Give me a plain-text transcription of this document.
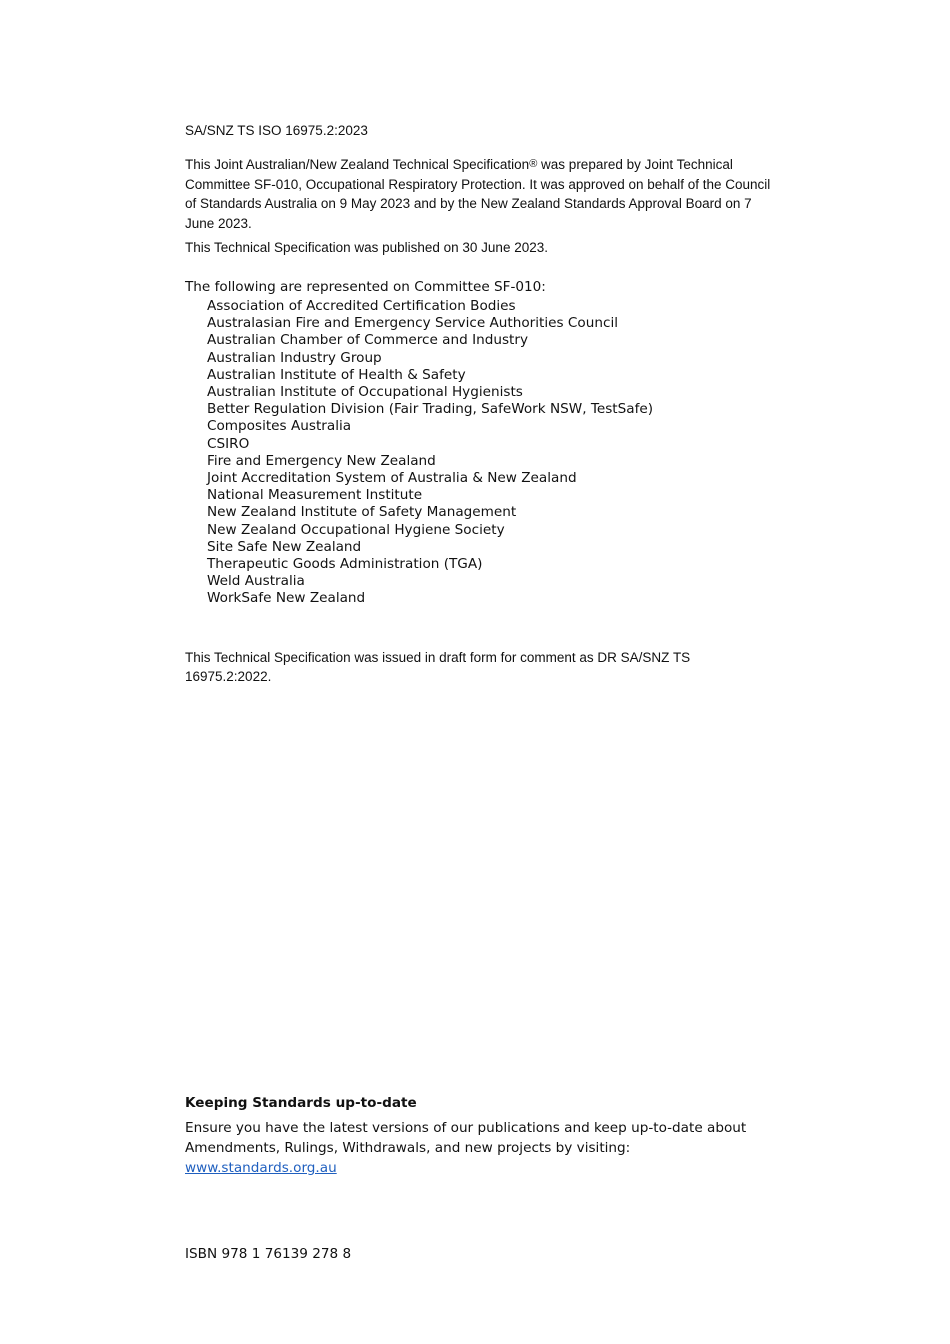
SA/SNZ TS ISO 16975.2:2023

This Joint Australian/New Zealand Technical Specification® was prepared by Joint Technical Committee SF-010, Occupational Respiratory Protection. It was approved on behalf of the Council of Standards Australia on 9 May 2023 and by the New Zealand Standards Approval Board on 7 June 2023.

This Technical Specification was published on 30 June 2023.

The following are represented on Committee SF-010:
Association of Accredited Certification Bodies
Australasian Fire and Emergency Service Authorities Council
Australian Chamber of Commerce and Industry
Australian Industry Group
Australian Institute of Health & Safety
Australian Institute of Occupational Hygienists
Better Regulation Division (Fair Trading, SafeWork NSW, TestSafe)
Composites Australia
CSIRO
Fire and Emergency New Zealand
Joint Accreditation System of Australia & New Zealand
National Measurement Institute
New Zealand Institute of Safety Management
New Zealand Occupational Hygiene Society
Site Safe New Zealand
Therapeutic Goods Administration (TGA)
Weld Australia
WorkSafe New Zealand

This Technical Specification was issued in draft form for comment as DR SA/SNZ TS 16975.2:2022.

Keeping Standards up-to-date

Ensure you have the latest versions of our publications and keep up-to-date about Amendments, Rulings, Withdrawals, and new projects by visiting:
www.standards.org.au

ISBN 978 1 76139 278 8
